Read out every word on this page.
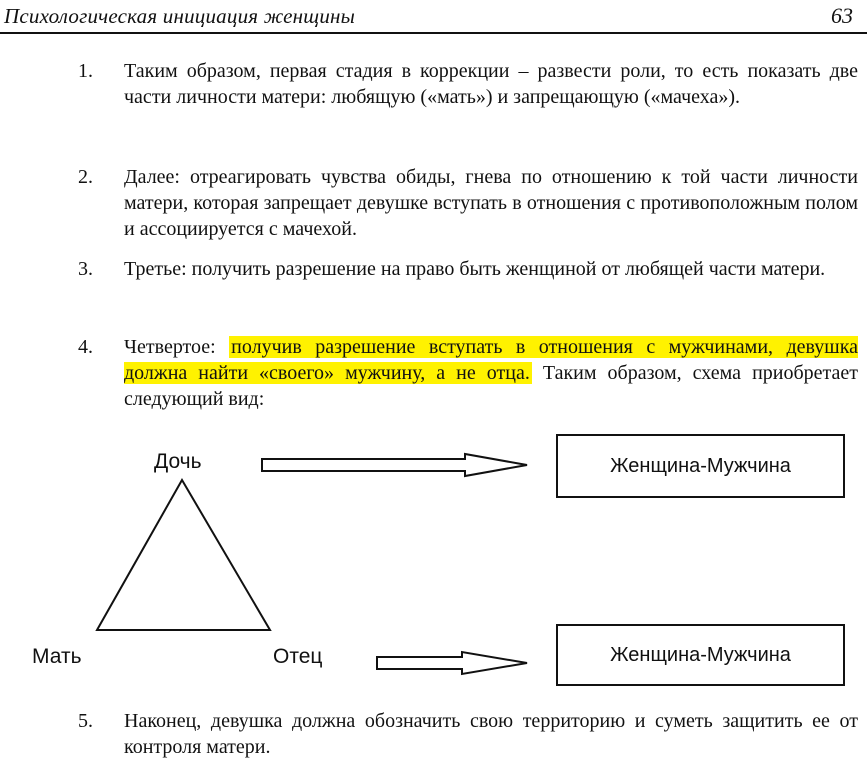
Психологическая инициация женщины	63
1. Таким образом, первая стадия в коррекции – развести роли, то есть показать две части личности матери: любящую («мать») и запрещающую («мачеха»).
2. Далее: отреагировать чувства обиды, гнева по отношению к той части личности матери, которая запрещает девушке вступать в отношения с противоположным полом и ассоциируется с мачехой.
3. Третье: получить разрешение на право быть женщиной от любящей части матери.
4. Четвертое: получив разрешение вступать в отношения с мужчинами, девушка должна найти «своего» мужчину, а не отца. Таким образом, схема приобретает следующий вид:
Дочь
Мать	Отец
Женщина-Мужчина
Женщина-Мужчина
5. Наконец, девушка должна обозначить свою территорию и суметь защитить ее от контроля матери.
